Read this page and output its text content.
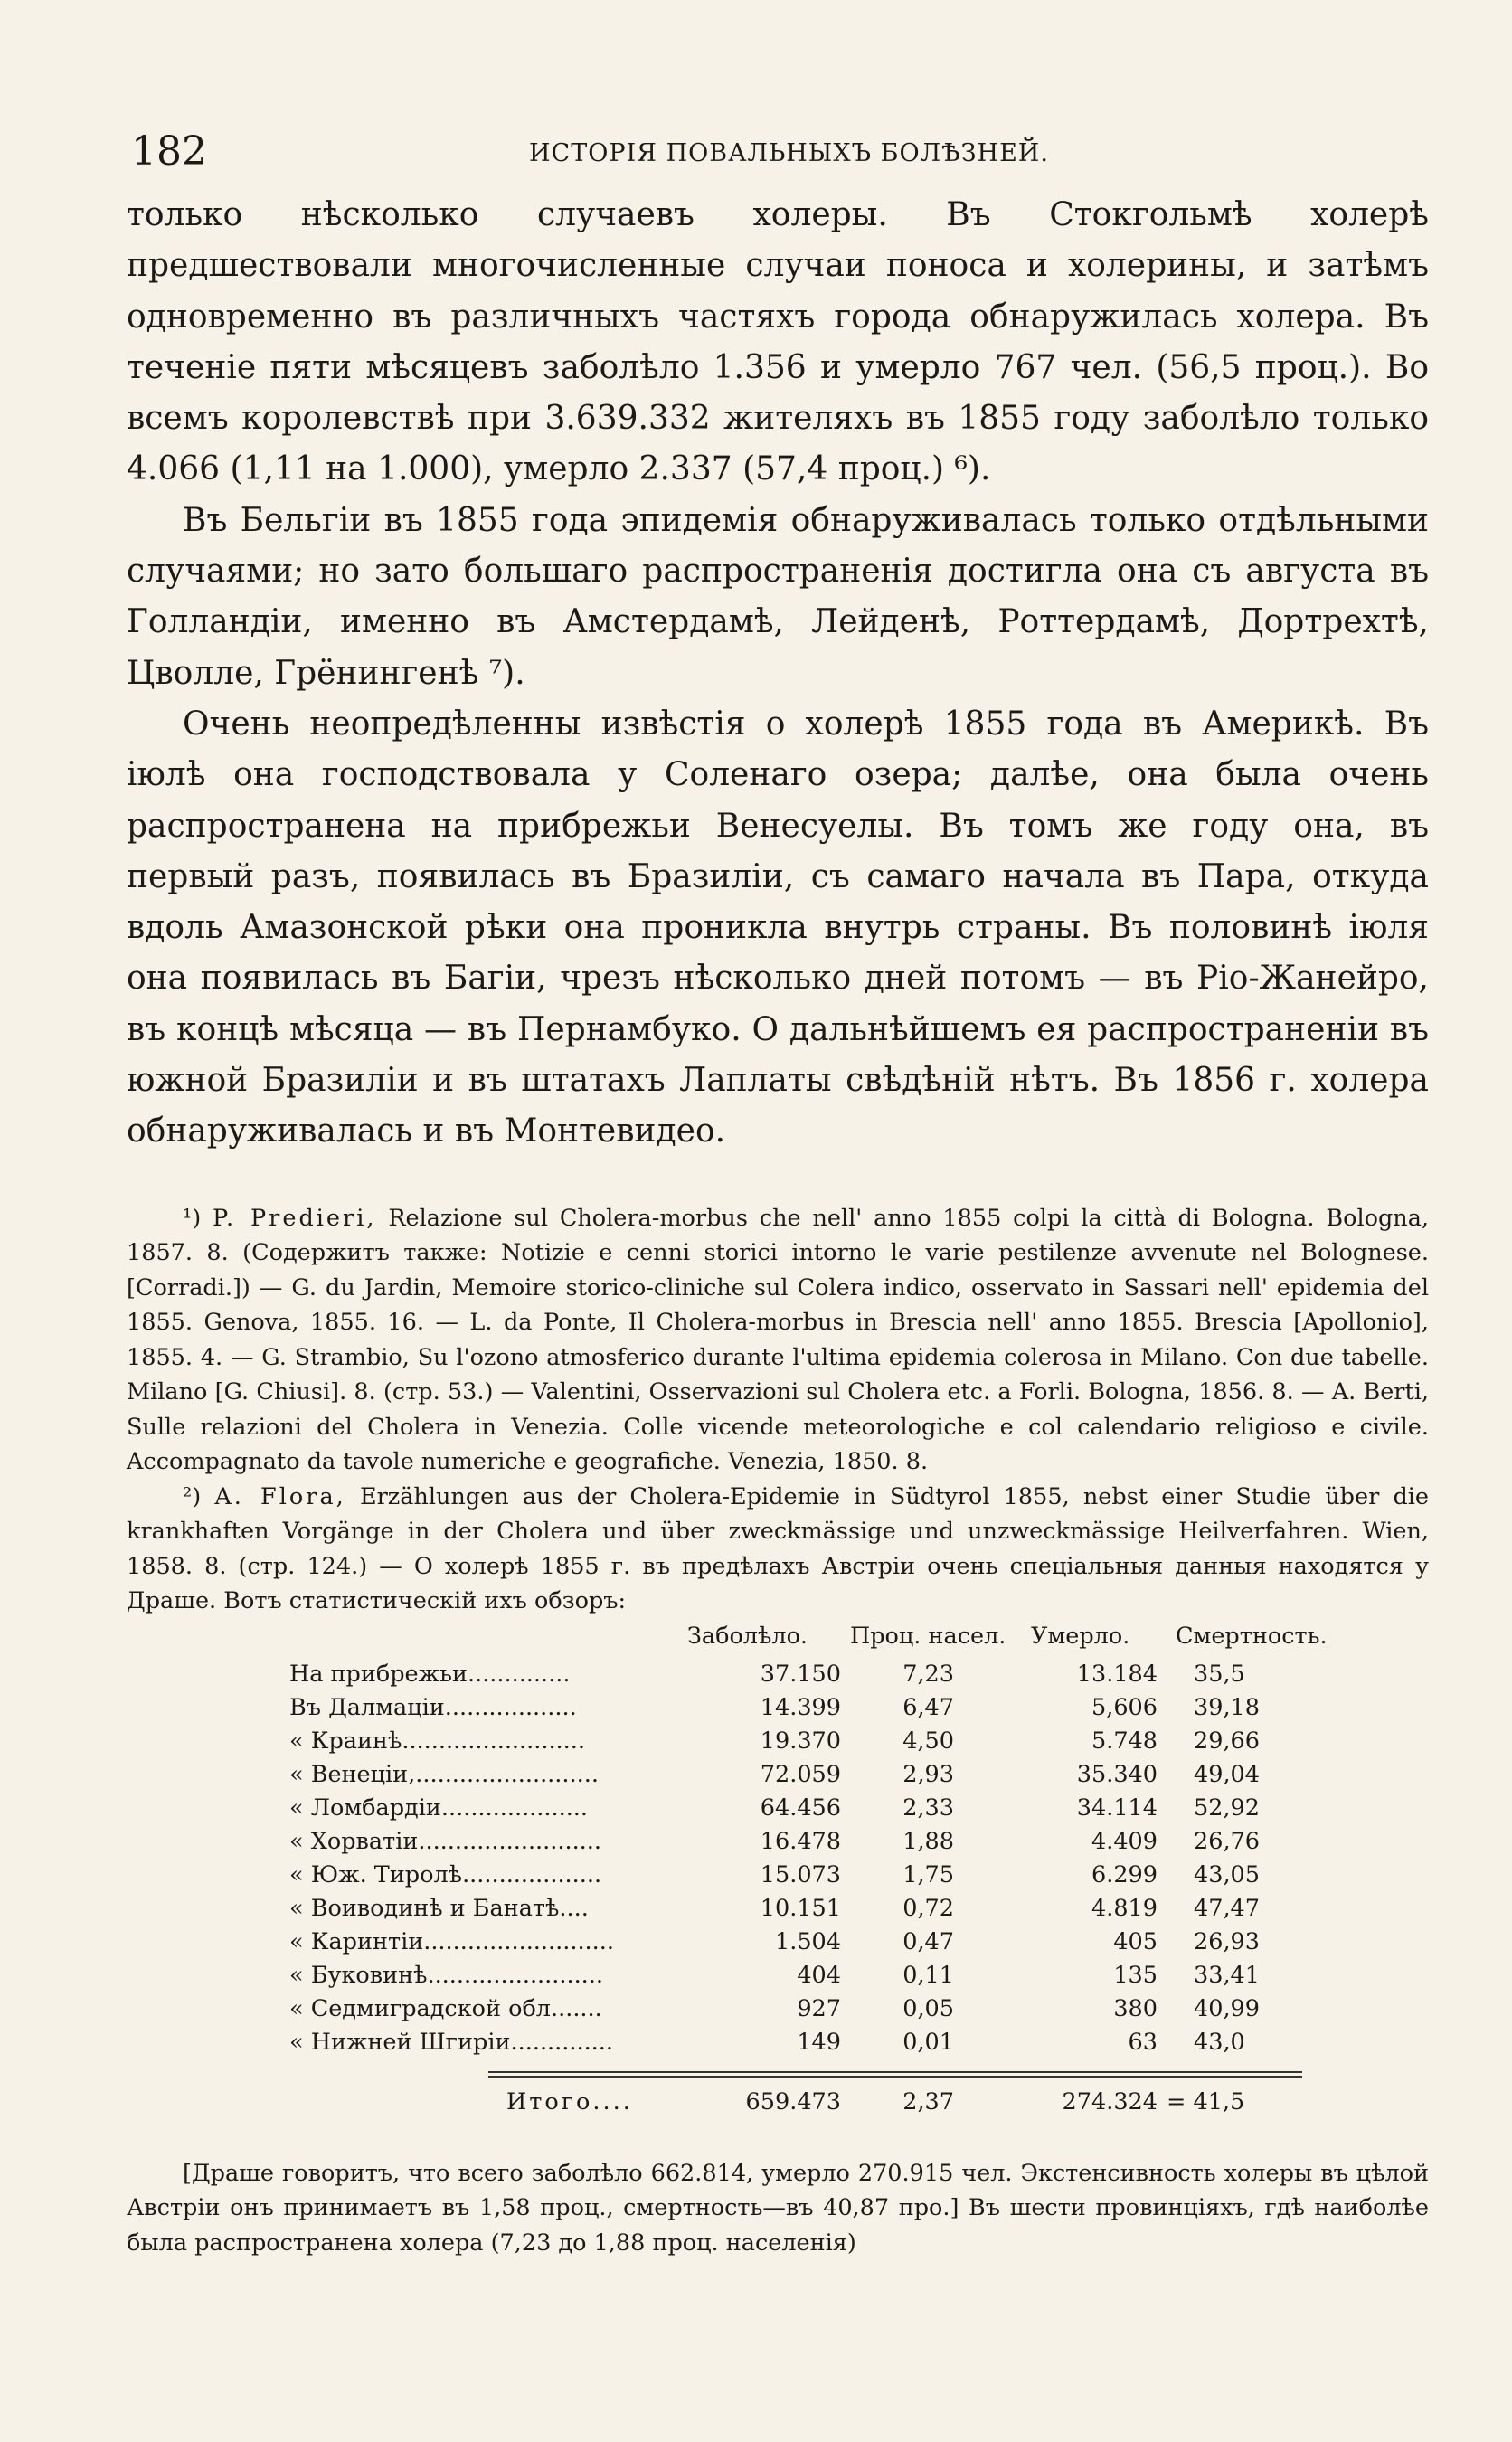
182	ИСТОРІЯ ПОВАЛЬНЫХЪ БОЛѢЗНЕЙ.

только нѣсколько случаевъ холеры. Въ Стокгольмѣ холерѣ предшествовали многочисленные случаи поноса и холерины, и затѣмъ одновременно въ различныхъ частяхъ города обнаружилась холера. Въ теченіе пяти мѣсяцевъ заболѣло 1.356 и умерло 767 чел. (56,5 проц.). Во всемъ королевствѣ при 3.639.332 жителяхъ въ 1855 году заболѣло только 4.066 (1,11 на 1.000), умерло 2.337 (57,4 проц.) ⁶).

Въ Бельгіи въ 1855 года эпидемія обнаруживалась только отдѣльными случаями; но зато большаго распространенія достигла она съ августа въ Голландіи, именно въ Амстердамѣ, Лейденѣ, Роттердамѣ, Дортрехтѣ, Цволле, Грёнингенѣ ⁷).

Очень неопредѣленны извѣстія о холерѣ 1855 года въ Америкѣ. Въ іюлѣ она господствовала у Соленаго озера; далѣе, она была очень распространена на прибрежьи Венесуелы. Въ томъ же году она, въ первый разъ, появилась въ Бразиліи, съ самаго начала въ Пара, откуда вдоль Амазонской рѣки она проникла внутрь страны. Въ половинѣ іюля она появилась въ Багіи, чрезъ нѣсколько дней потомъ — въ Ріо-Жанейро, въ концѣ мѣсяца — въ Пернамбуко. О дальнѣйшемъ ея распространеніи въ южной Бразиліи и въ штатахъ Лаплаты свѣдѣній нѣтъ. Въ 1856 г. холера обнаруживалась и въ Монтевидео.

¹) P. Predieri, Relazione sul Cholera-morbus che nell' anno 1855 colpi la città di Bologna. Bologna, 1857. 8. (Содержитъ также: Notizie e cenni storici intorno le varie pestilenze avvenute nel Bolognese. [Corradi.]) — G. du Jardin, Memoire storico-cliniche sul Colera indico, osservato in Sassari nell' epidemia del 1855. Genova, 1855. 16. — L. da Ponte, Il Cholera-morbus in Brescia nell' anno 1855. Brescia [Apollonio], 1855. 4. — G. Strambio, Su l'ozono atmosferico durante l'ultima epidemia colerosa in Milano. Con due tabelle. Milano [G. Chiusi]. 8. (стр. 53.) — Valentini, Osservazioni sul Cholera etc. a Forli. Bologna, 1856. 8. — A. Berti, Sulle relazioni del Cholera in Venezia. Colle vicende meteorologiche e col calendario religioso e civile. Accompagnato da tavole numeriche e geografiche. Venezia, 1850. 8.

²) A. Flora, Erzählungen aus der Cholera-Epidemie in Südtyrol 1855, nebst einer Studie über die krankhaften Vorgänge in der Cholera und über zweckmässige und unzweckmässige Heilverfahren. Wien, 1858. 8. (стр. 124.) — О холерѣ 1855 г. въ предѣлахъ Австріи очень спеціальныя данныя находятся у Драше. Вотъ статистическій ихъ обзоръ:

Заболѣло. Проц. насел. Умерло. Смертность.
На прибрежьи..............	37.150	7,23	13.184 35,5
Въ Далмаціи..................	14.399	6,47	5,606 39,18
« Краинѣ.........................	19.370	4,50	5.748 29,66
« Венеціи,.........................	72.059	2,93	35.340 49,04
« Ломбардіи....................	64.456	2,33	34.114 52,92
« Хорватіи.........................	16.478	1,88	4.409 26,76
« Юж. Тиролѣ...................	15.073	1,75	6.299 43,05
« Воиводинѣ и Банатѣ....	10.151	0,72	4.819 47,47
« Каринтіи..........................	1.504	0,47	405 26,93
« Буковинѣ........................	404	0,11	135 33,41
« Седмиградской обл.......	927	0,05	380 40,99
« Нижней Шгиріи..............	149	0,01	63 43,0
Итого....	659.473	2,37	274.324 = 41,5

[Драше говоритъ, что всего заболѣло 662.814, умерло 270.915 чел. Экстенсивность холеры въ цѣлой Австріи онъ принимаетъ въ 1,58 проц., смертность—въ 40,87 про.] Въ шести провинціяхъ, гдѣ наиболѣе была распространена холера (7,23 до 1,88 проц. населенія)
